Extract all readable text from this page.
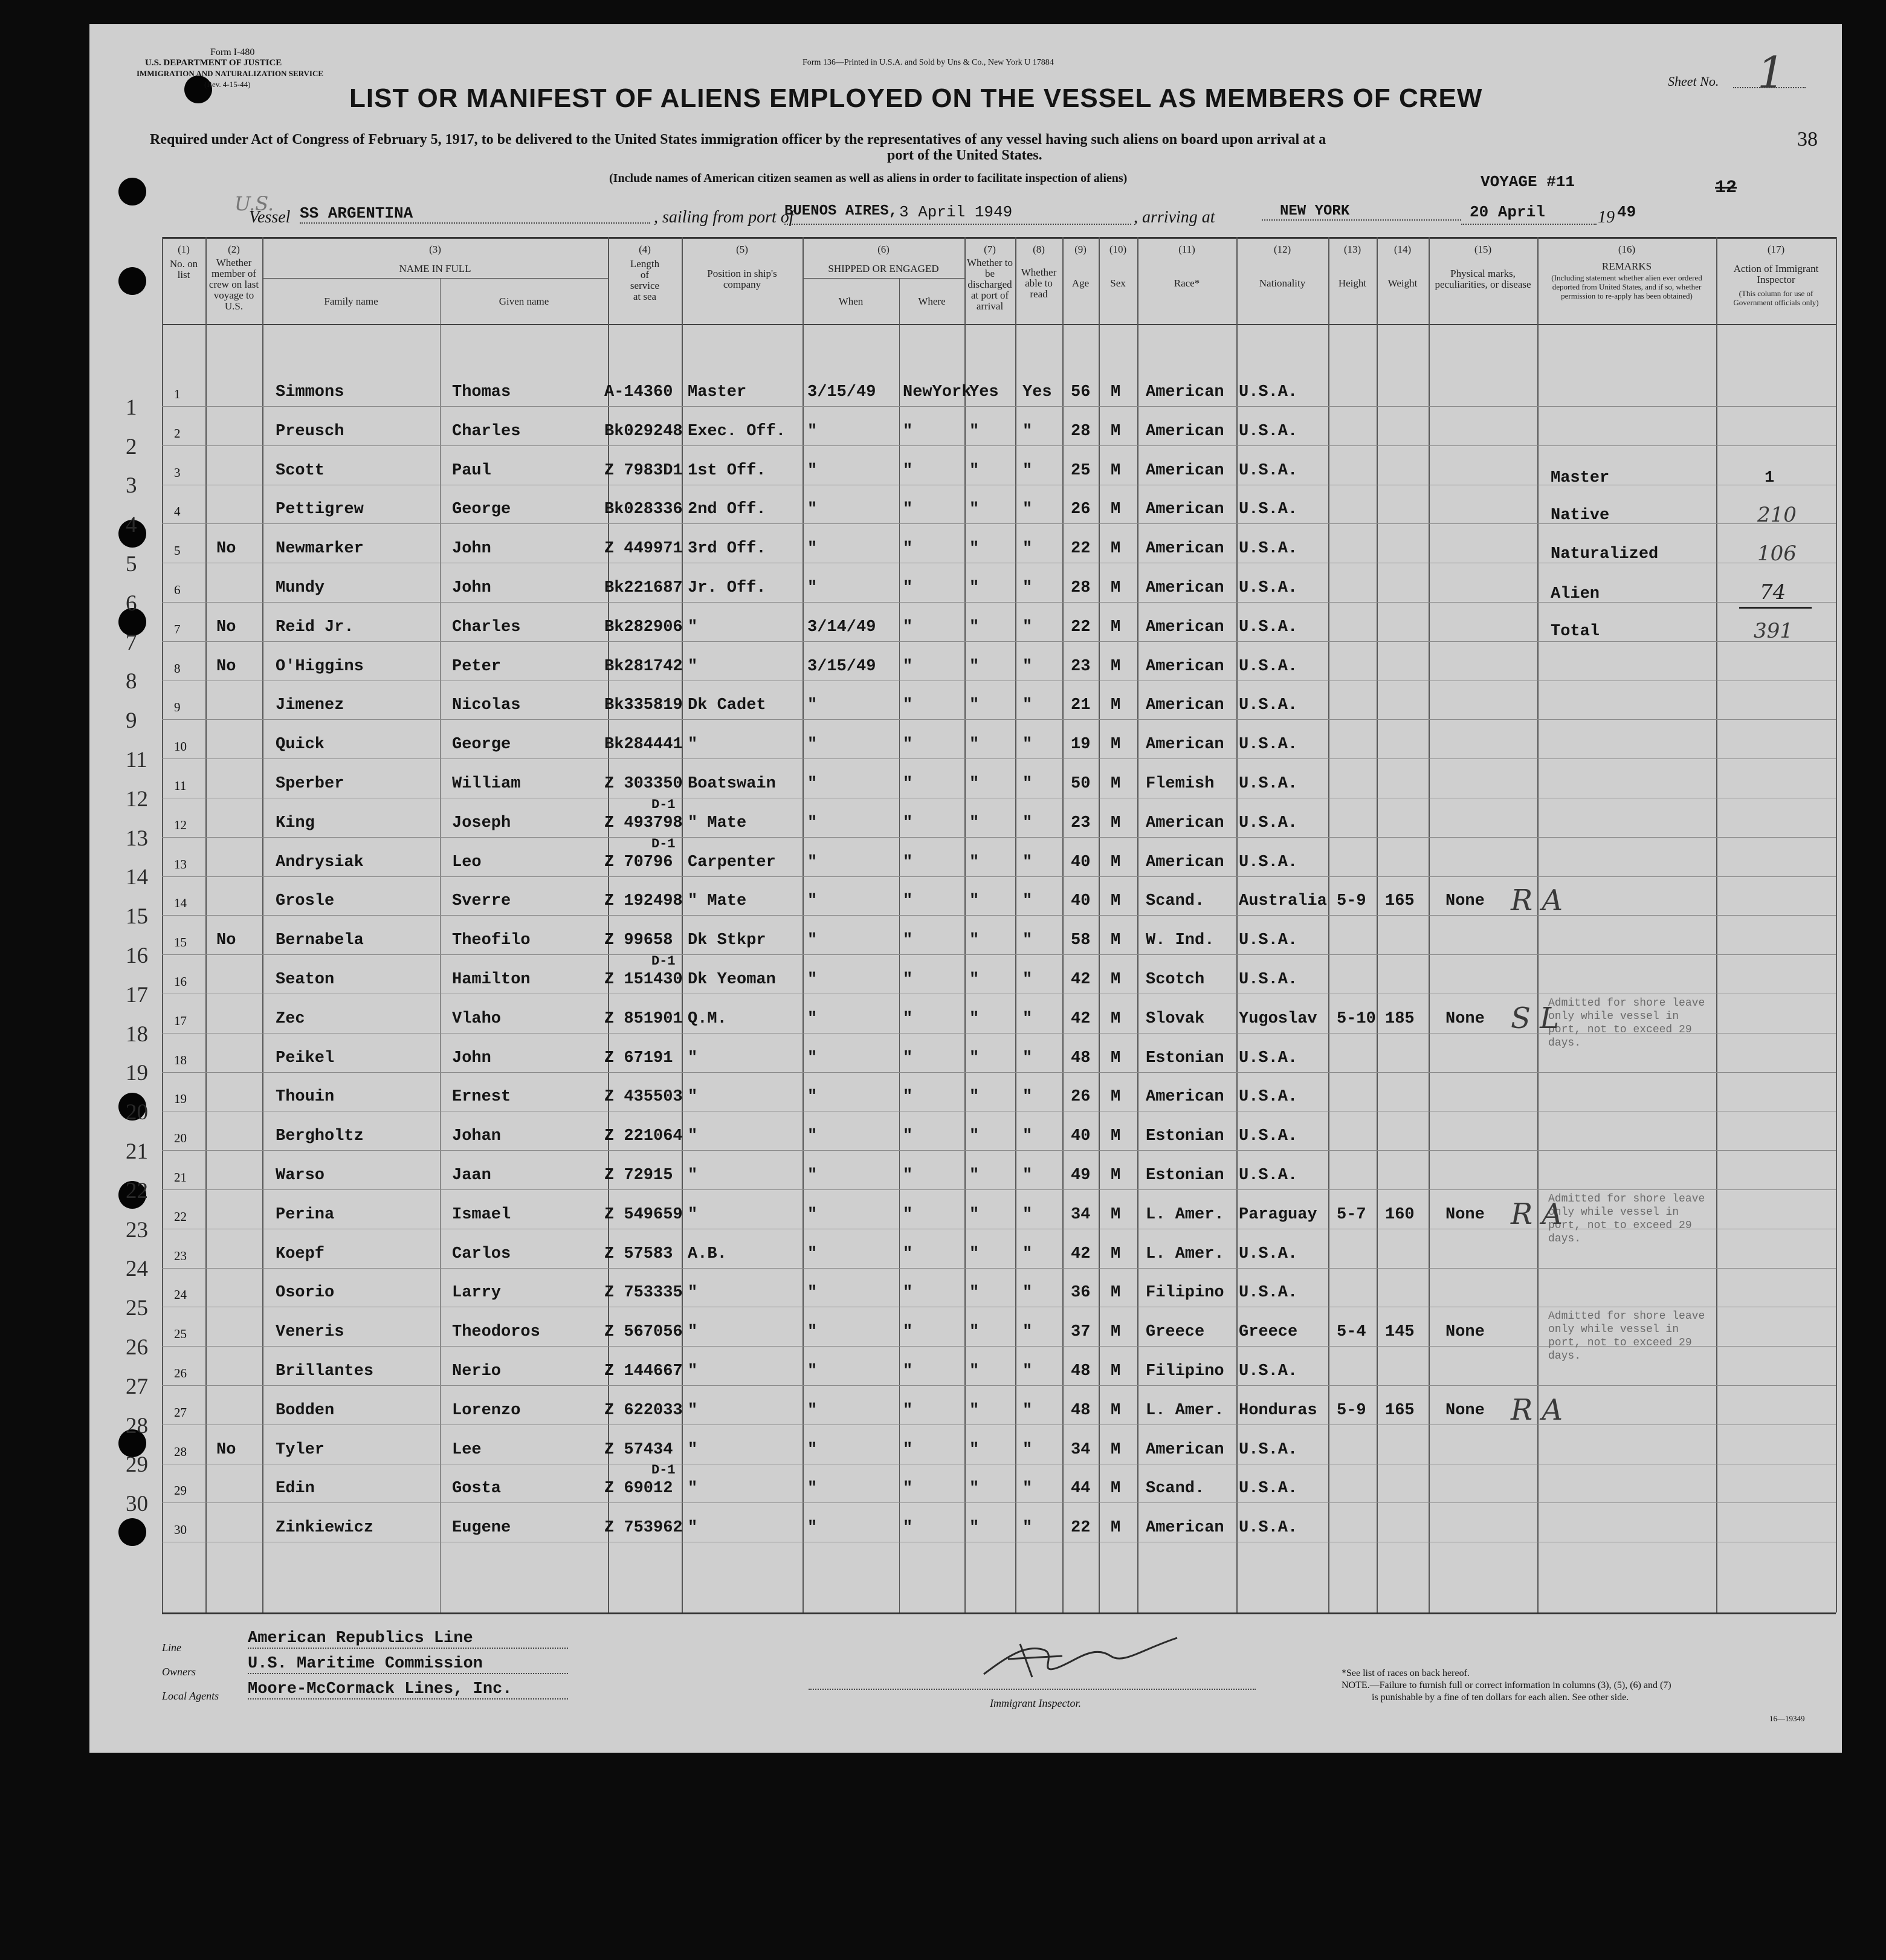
Form I-480
U.S. DEPARTMENT OF JUSTICE
IMMIGRATION AND NATURALIZATION SERVICE
(Rev. 4-15-44)
Form 136—Printed in U.S.A. and Sold by Uns & Co., New York U 17884
Sheet No. 1
LIST OR MANIFEST OF ALIENS EMPLOYED ON THE VESSEL AS MEMBERS OF CREW
Required under Act of Congress of February 5, 1917, to be delivered to the United States immigration officer by the representatives of any vessel having such aliens on board upon arrival at a
port of the United States.
(Include names of American citizen seamen as well as aliens in order to facilitate inspection of aliens)
38
VOYAGE #11	12
U.S.
Vessel SS ARGENTINA	, sailing from port of
BUENOS AIRES, 3 April 1949	, arriving at	NEW YORK	20 April	19 49
(1)
No. on list
(2)
Whether member of crew on last voyage to U.S.
(3)
NAME IN FULL
Family name	Given name
(4)
Length of service at sea
(5)
Position in ship's company
(6)
SHIPPED OR ENGAGED
When	Where
(7)
Whether to be discharged at port of arrival
(8)
Whether able to read
(9)
Age
(10)
Sex
(11)
Race*
(12)
Nationality
(13)
Height
(14)
Weight
(15)
Physical marks, peculiarities, or disease
(16)
REMARKS
(Including statement whether alien ever ordered deported from United States, and if so, whether permission to re-apply has been obtained)
(17)
Action of Immigrant Inspector
(This column for use of Government officials only)
1	Simmons	Thomas	A-14360 Master	3/15/49 NewYork
Yes Yes 56 M American U.S.A.
1
2	Preusch	Charles	Bk029248 Exec. Off. "	"	"	" 28 M American U.S.A.
2
3	Scott	Paul	Z 7983D1 1st Off.	"	"	"	" 25 M American U.S.A.
3
4	Pettigrew	George	Bk028336 2nd Off.	"	"	"	" 26 M American U.S.A.
4
5 No Newmarker	John	Z 449971 3rd Off.	"	"	"	" 22 M American U.S.A.
5
6	Mundy	John	Bk221687 Jr. Off.	"	"	"	" 28 M American U.S.A.
6
7 No Reid Jr.	Charles	Bk282906 "	3/14/49 "	"	" 22 M American U.S.A.
7
8 No O'Higgins	Peter	Bk281742 "	3/15/49 "	"	" 23 M American U.S.A.
8
9	Jimenez	Nicolas	Bk335819 Dk Cadet	"	"	"	" 21 M American U.S.A.
9
10	Quick	George	Bk284441 "	"	"	"	" 19 M American U.S.A.
11
11	Sperber	William	Z 303350 Boatswain "	"	"	" 50 M Flemish U.S.A.
12
12	King	Joseph	Z 493798 " Mate	"	"	"	" 23 M American U.S.A.
D-1
13
13	Andrysiak	Leo	Z 70796 Carpenter "	"	"	" 40 M American U.S.A.
D-1
14
14	Grosle	Sverre	Z 192498 " Mate	"	"	"	" 40 M Scand. Australia 5-9 165 None R A
15
15 No Bernabela	Theofilo	Z 99658 Dk Stkpr	"	"	"	" 58 M W. Ind. U.S.A.
16
16	Seaton	Hamilton	Z 151430 Dk Yeoman "	"	"	" 42 M Scotch U.S.A.
D-1
17
17	Zec	Vlaho	Z 851901 Q.M.	"	"	"	" 42 M Slovak Yugoslav 5-10 185 None
Admitted for shore leave only while vessel in port, not to exceed 29 days.
S L
18
18	Peikel	John	Z 67191 "	"	"	"	" 48 M Estonian U.S.A.
19
19	Thouin	Ernest	Z 435503 "	"	"	"	" 26 M American U.S.A.
20
20	Bergholtz	Johan	Z 221064 "	"	"	"	" 40 M Estonian U.S.A.
21
21	Warso	Jaan	Z 72915 "	"	"	"	" 49 M Estonian U.S.A.
22
22	Perina	Ismael	Z 549659 "	"	"	"	" 34 M L. Amer. Paraguay 5-7 160 None
Admitted for shore leave only while vessel in port, not to exceed 29 days.
R A
23
23	Koepf	Carlos	Z 57583 A.B.	"	"	"	" 42 M L. Amer. U.S.A.
24
24	Osorio	Larry	Z 753335 "	"	"	"	" 36 M Filipino U.S.A.
25
25	Veneris	Theodoros	Z 567056 "	"	"	"	" 37 M Greece Greece 5-4 145 None
Admitted for shore leave only while vessel in port, not to exceed 29 days.
26
26	Brillantes	Nerio	Z 144667 "	"	"	"	" 48 M Filipino U.S.A.
27
27	Bodden	Lorenzo	Z 622033 "	"	"	"	" 48 M L. Amer. Honduras 5-9 165 None R A
28
28 No Tyler	Lee	Z 57434 "	"	"	"	" 34 M American U.S.A.
29
29	Edin	Gosta	Z 69012 "	"	"	"	" 44 M Scand. U.S.A.
D-1
30
30	Zinkiewicz	Eugene	Z 753962 "	"	"	"	" 22 M American U.S.A.
Master	1
Native	210
Naturalized	106
Alien	74
Total	391
Line	American Republics Line
Owners	U.S. Maritime Commission
Local Agents Moore-McCormack Lines, Inc.
Immigrant Inspector.
*See list of races on back hereof.
NOTE.—Failure to furnish full or correct information in columns (3), (5), (6) and (7)
is punishable by a fine of ten dollars for each alien. See other side.
16—19349
